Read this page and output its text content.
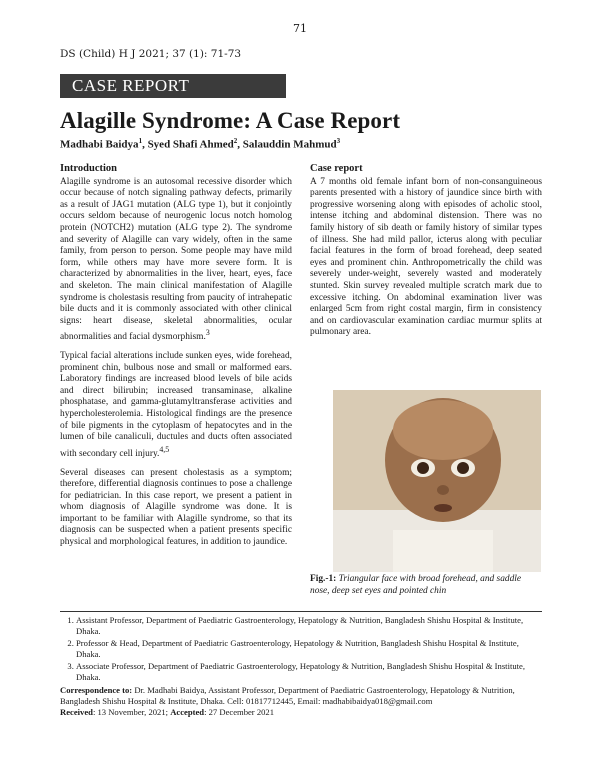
71
DS (Child) H J 2021; 37 (1): 71-73
CASE REPORT
Alagille Syndrome: A Case Report
Madhabi Baidya$^1$, Syed Shafi Ahmed$^2$, Salauddin Mahmud$^3$
Introduction

Alagille syndrome is an autosomal recessive disorder which occur because of notch signaling pathway defects, primarily as a result of JAG1 mutation (ALG type 1), but it conjointly occurs seldom because of neurogenic locus notch homolog protein (NOTCH2) mutation (ALG type 2). The syndrome and severity of Alagille can vary widely, often in the same family, from person to person. Some people may have mild form, while others may have more severe form. It is characterized by abnormalities in the liver, heart, eyes, face and skeleton. The main clinical manifestation of Alagille syndrome is cholestasis resulting from paucity of intrahepatic bile ducts and it is commonly associated with other clinical signs: heart disease, skeletal abnormalities, ocular abnormalities and facial dysmorphism.$^3$

Typical facial alterations include sunken eyes, wide forehead, prominent chin, bulbous nose and small or malformed ears. Laboratory findings are increased blood levels of bile acids and direct bilirubin; increased transaminase, alkaline phosphatase, and gamma-glutamyltransferase activities and hypercholesterolemia. Histological findings are the presence of bile pigments in the cytoplasm of hepatocytes and in the lumen of bile canaliculi, ductules and ducts often associated with secondary cell injury.$^{4,5}$

Several diseases can present cholestasis as a symptom; therefore, differential diagnosis continues to pose a challenge for pediatrician. In this case report, we present a patient in whom diagnosis of Alagille syndrome was done. It is important to be familiar with Alagille syndrome, so that its diagnosis can be suspected when a patient presents specific physical and morphological features, in addition to jaundice.

Case report

A 7 months old female infant born of non-consanguineous parents presented with a history of jaundice since birth with progressive worsening along with episodes of acholic stool, intense itching and abdominal distension. There was no family history of sib death or family history of similar types of illness. She had mild pallor, icterus along with peculiar facial features in the form of broad forehead, deep seated eyes and prominent chin. Anthropometrically the child was severely under-weight, severely wasted and moderately stunted. Skin survey revealed multiple scratch mark due to excessive itching. On abdominal examination liver was enlarged 5cm from right costal margin, firm in consistency and on cardiovascular examination cardiac murmur splits at pulmonary area.

Fig.-1: Triangular face with broad forehead, and saddle nose, deep set eyes and pointed chin
1. Assistant Professor, Department of Paediatric Gastroenterology, Hepatology & Nutrition, Bangladesh Shishu Hospital & Institute, Dhaka.
2. Professor & Head, Department of Paediatric Gastroenterology, Hepatology & Nutrition, Bangladesh Shishu Hospital & Institute, Dhaka.
3. Associate Professor, Department of Paediatric Gastroenterology, Hepatology & Nutrition, Bangladesh Shishu Hospital & Institute, Dhaka.
Correspondence to: Dr. Madhabi Baidya, Assistant Professor, Department of Paediatric Gastroenterology, Hepatology & Nutrition, Bangladesh Shishu Hospital & Institute, Dhaka. Cell: 01817712445, Email: madhabibaidya018@gmail.com
Received: 13 November, 2021; Accepted: 27 December 2021
